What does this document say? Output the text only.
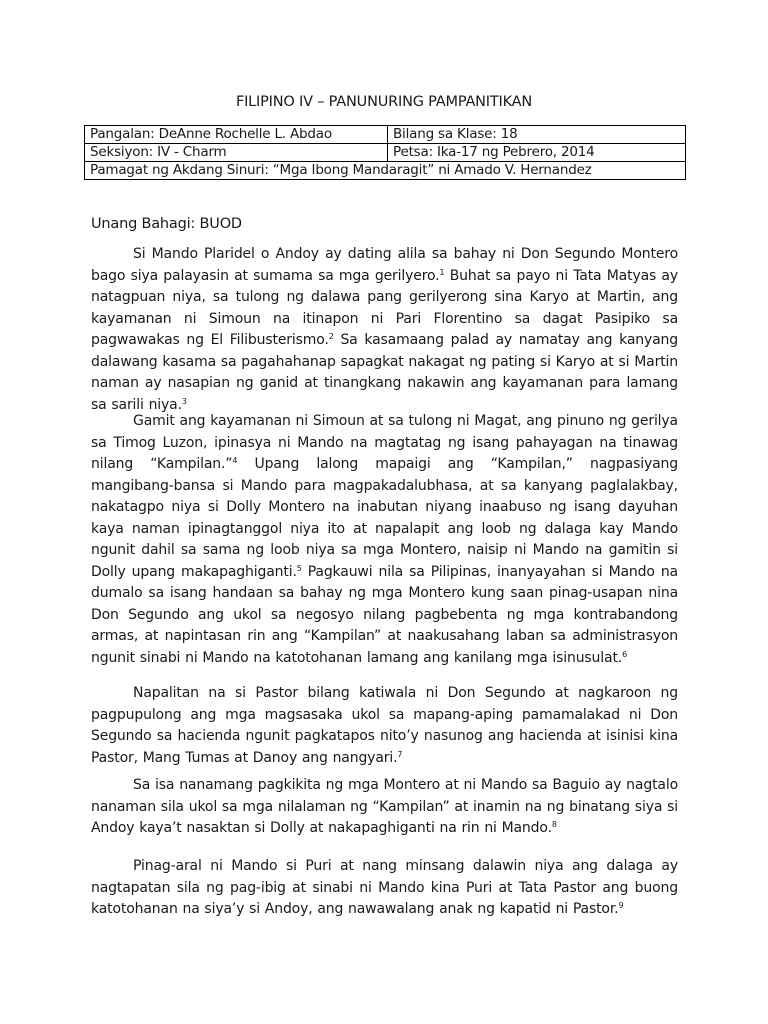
FILIPINO IV – PANUNURING PAMPANITIKAN
Pangalan: DeAnne Rochelle L. Abdao	Bilang sa Klase: 18
Seksiyon: IV - Charm	Petsa: Ika-17 ng Pebrero, 2014
Pamagat ng Akdang Sinuri: “Mga Ibong Mandaragit” ni Amado V. Hernandez	
Unang Bahagi: BUOD

Si Mando Plaridel o Andoy ay dating alila sa bahay ni Don Segundo Montero bago siya palayasin at sumama sa mga gerilyero.$^1$ Buhat sa payo ni Tata Matyas ay natagpuan niya, sa tulong ng dalawa pang gerilyerong sina Karyo at Martin, ang kayamanan ni Simoun na itinapon ni Pari Florentino sa dagat Pasipiko sa pagwawakas ng El Filibusterismo.$^2$ Sa kasamaang palad ay namatay ang kanyang dalawang kasama sa pagahahanap sapagkat nakagat ng pating si Karyo at si Martin naman ay nasapian ng ganid at tinangkang nakawin ang kayamanan para lamang sa sarili niya.$^3$

Gamit ang kayamanan ni Simoun at sa tulong ni Magat, ang pinuno ng gerilya sa Timog Luzon, ipinasya ni Mando na magtatag ng isang pahayagan na tinawag nilang “Kampilan.”$^4$ Upang lalong mapaigi ang “Kampilan,” nagpasiyang mangibang-bansa si Mando para magpakadalubhasa, at sa kanyang paglalakbay, nakatagpo niya si Dolly Montero na inabutan niyang inaabuso ng isang dayuhan kaya naman ipinagtanggol niya ito at napalapit ang loob ng dalaga kay Mando ngunit dahil sa sama ng loob niya sa mga Montero, naisip ni Mando na gamitin si Dolly upang makapaghiganti.$^5$ Pagkauwi nila sa Pilipinas, inanyayahan si Mando na dumalo sa isang handaan sa bahay ng mga Montero kung saan pinag-usapan nina Don Segundo ang ukol sa negosyo nilang pagbebenta ng mga kontrabandong armas, at napintasan rin ang “Kampilan” at naakusahang laban sa administrasyon ngunit sinabi ni Mando na katotohanan lamang ang kanilang mga isinusulat.$^6$

Napalitan na si Pastor bilang katiwala ni Don Segundo at nagkaroon ng pagpupulong ang mga magsasaka ukol sa mapang-aping pamamalakad ni Don Segundo sa hacienda ngunit pagkatapos nito’y nasunog ang hacienda at isinisi kina Pastor, Mang Tumas at Danoy ang nangyari.$^7$

Sa isa nanamang pagkikita ng mga Montero at ni Mando sa Baguio ay nagtalo nanaman sila ukol sa mga nilalaman ng “Kampilan” at inamin na ng binatang siya si Andoy kaya’t nasaktan si Dolly at nakapaghiganti na rin ni Mando.$^8$

Pinag-aral ni Mando si Puri at nang minsang dalawin niya ang dalaga ay nagtapatan sila ng pag-ibig at sinabi ni Mando kina Puri at Tata Pastor ang buong katotohanan na siya’y si Andoy, ang nawawalang anak ng kapatid ni Pastor.$^9$
